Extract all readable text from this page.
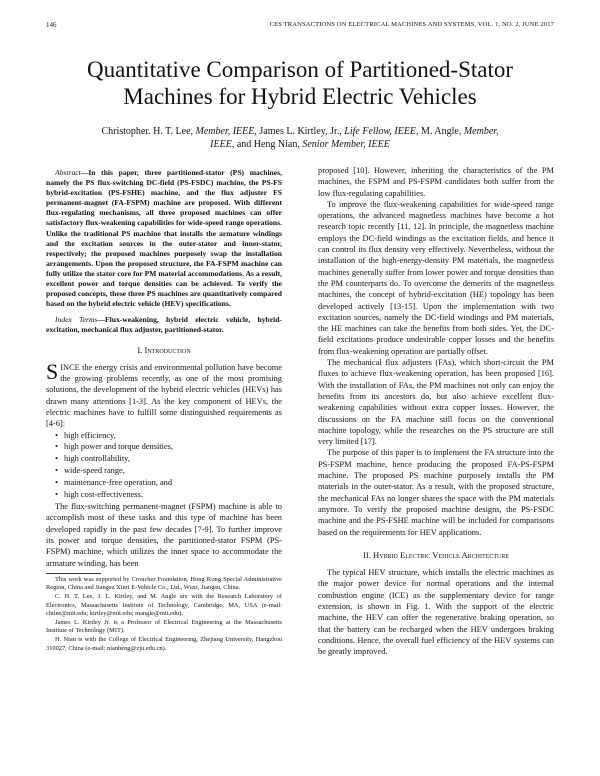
146	CES TRANSACTIONS ON ELECTRICAL MACHINES AND SYSTEMS, VOL. 1, NO. 2, JUNE 2017
Quantitative Comparison of Partitioned-Stator Machines for Hybrid Electric Vehicles
Christopher. H. T. Lee, Member, IEEE, James L. Kirtley, Jr., Life Fellow, IEEE, M. Angle, Member, IEEE, and Heng Nian, Senior Member, IEEE

Abstract—In this paper, three partitioned-stator (PS) machines, namely the PS flux-switching DC-field (PS-FSDC) machine, the PS-FS hybrid-excitation (PS-FSHE) machine, and the flux adjuster FS permanent-magnet (FA-FSPM) machine are proposed. With different flux-regulating mechanisms, all three proposed machines can offer satisfactory flux-weakening capabilities for wide-speed range operations. Unlike the traditional PS machine that installs the armature windings and the excitation sources in the outer-stator and inner-stator, respectively; the proposed machines purposely swap the installation arrangements. Upon the proposed structure, the FA-FSPM machine can fully utilize the stator core for PM material accommodations. As a result, excellent power and torque densities can be achieved. To verify the proposed concepts, these three PS machines are quantitatively compared based on the hybrid electric vehicle (HEV) specifications.

Index Terms—Flux-weakening, hybrid electric vehicle, hybrid-excitation, mechanical flux adjuster, partitioned-stator.

I. Introduction

SINCE the energy crisis and environmental pollution have become the growing problems recently, as one of the most promising solutions, the development of the hybrid electric vehicles (HEVs) has drawn many attentions [1-3]. As the key component of HEVs, the electric machines have to fulfill some distinguished requirements as [4-6]:

• high efficiency,
• high power and torque densities,
• high controllability,
• wide-speed range,
• maintenance-free operation, and
• high cost-effectiveness.

The flux-switching permanent-magnet (FSPM) machine is able to accomplish most of these tasks and this type of machine has been developed rapidly in the past few decades [7-9]. To further improve its power and torque densities, the partitioned-stator FSPM (PS-FSPM) machine, which utilizes the inner space to accommodate the armature winding, has been

This work was supported by Croucher Foundation, Hong Kong Special Administrative Region, China and Jiangsu Xinri E-Vehicle Co., Ltd., Wuxi, Jiangsu, China.

C. H. T. Lee, J. L. Kirtley, and M. Angle are with the Research Laboratory of Electronics, Massachusetts Institute of Technology, Cambridge, MA, USA (e-mail: chtlee@mit.edu; kirtley@mit.edu; mangle@mit.edu).

James L. Kirtley Jr. is a Professor of Electrical Engineering at the Massachusetts Institute of Technology (MIT).

H. Nian is with the College of Electrical Engineering, Zhejiang University, Hangzhou 310027, China (e-mail: nianheng@zju.edu.cn).

proposed [10]. However, inheriting the characteristics of the PM machines, the FSPM and PS-FSPM candidates both suffer from the low flux-regulating capabilities.

To improve the flux-weakening capabilities for wide-speed range operations, the advanced magnetless machines have become a hot research topic recently [11, 12]. In principle, the magnetless machine employs the DC-field windings as the excitation fields, and hence it can control its flux density very effectively. Nevertheless, without the installation of the high-energy-density PM materials, the magnetless machines generally suffer from lower power and torque densities than the PM counterparts do. To overcome the demerits of the magnetless machines, the concept of hybrid-excitation (HE) topology has been developed actively [13-15]. Upon the implementation with two excitation sources, namely the DC-field windings and PM materials, the HE machines can take the benefits from both sides. Yet, the DC-field excitations produce undesirable copper losses and the benefits from flux-weakening operation are partially offset.

The mechanical flux adjusters (FAs), which short-circuit the PM fluxes to achieve flux-weakening operation, has been proposed [16]. With the installation of FAs, the PM machines not only can enjoy the benefits from its ancestors do, but also achieve excellent flux-weakening capabilities without extra copper losses. However, the discussions on the FA machine still focus on the conventional machine topology, while the researches on the PS structure are still very limited [17].

The purpose of this paper is to implement the FA structure into the PS-FSPM machine, hence producing the proposed FA-PS-FSPM machine. The proposed PS machine purposely installs the PM materials in the outer-stator. As a result, with the proposed structure, the mechanical FAs no longer shares the space with the PM materials anymore. To verify the proposed machine designs, the PS-FSDC machine and the PS-FSHE machine will be included for comparisons based on the requirements for HEV applications.

II. Hybrid Electric Vehicle Architecture

The typical HEV structure, which installs the electric machines as the major power device for normal operations and the internal combustion engine (ICE) as the supplementary device for range extension, is shown in Fig. 1. With the support of the electric machine, the HEV can offer the regenerative braking operation, so that the battery can be recharged when the HEV undergoes braking conditions. Hence, the overall fuel efficiency of the HEV systems can be greatly improved.
